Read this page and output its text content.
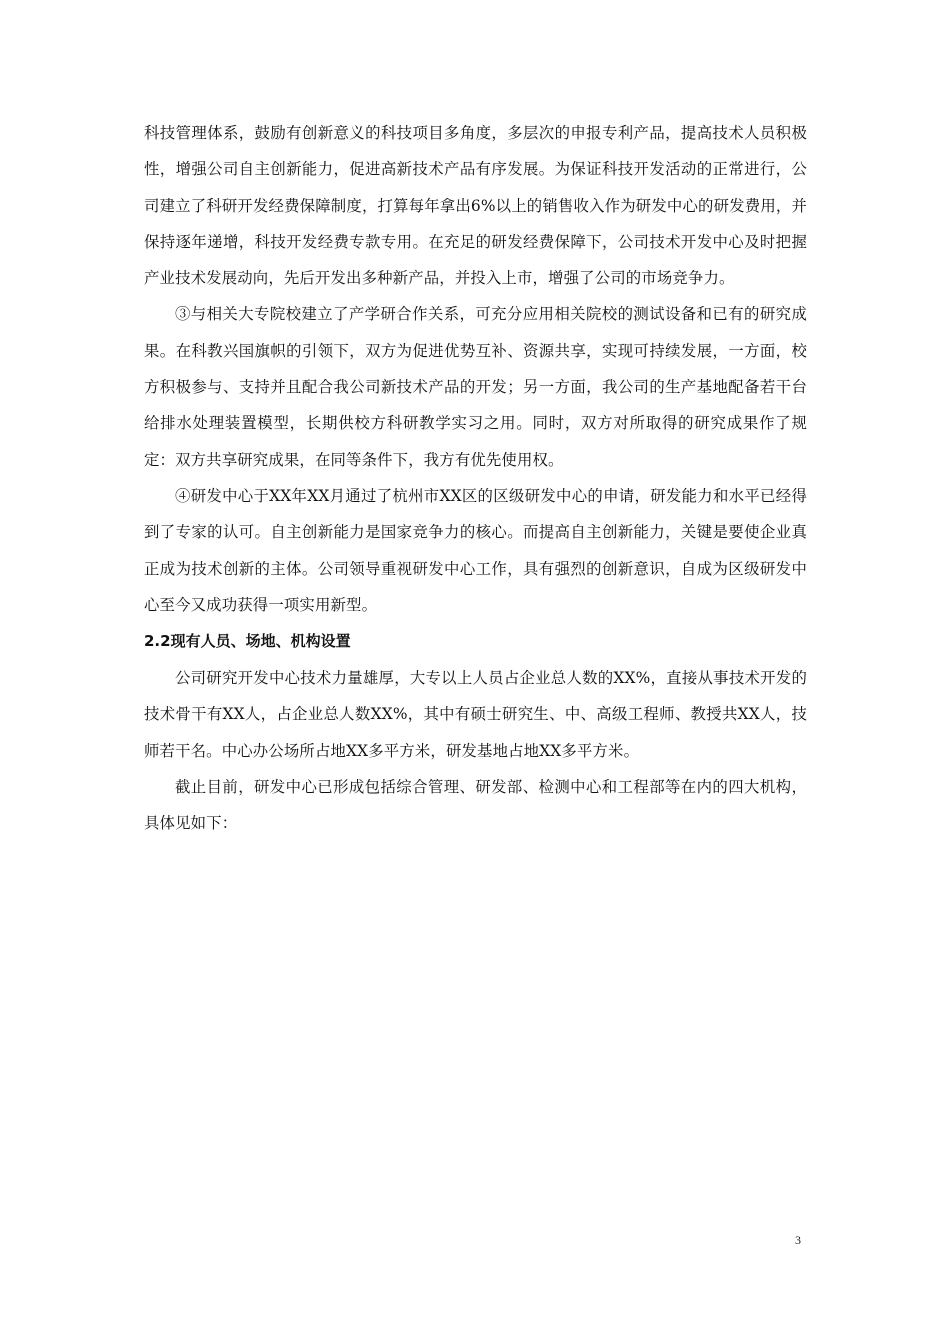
科技管理体系，鼓励有创新意义的科技项目多角度，多层次的申报专利产品，提高技术人员积极性，增强公司自主创新能力，促进高新技术产品有序发展。为保证科技开发活动的正常进行，公司建立了科研开发经费保障制度，打算每年拿出6%以上的销售收入作为研发中心的研发费用，并保持逐年递增，科技开发经费专款专用。在充足的研发经费保障下，公司技术开发中心及时把握产业技术发展动向，先后开发出多种新产品，并投入上市，增强了公司的市场竞争力。

③与相关大专院校建立了产学研合作关系，可充分应用相关院校的测试设备和已有的研究成果。在科教兴国旗帜的引领下，双方为促进优势互补、资源共享，实现可持续发展，一方面，校方积极参与、支持并且配合我公司新技术产品的开发；另一方面，我公司的生产基地配备若干台给排水处理装置模型，长期供校方科研教学实习之用。同时，双方对所取得的研究成果作了规定：双方共享研究成果，在同等条件下，我方有优先使用权。

④研发中心于XX年XX月通过了杭州市XX区的区级研发中心的申请，研发能力和水平已经得到了专家的认可。自主创新能力是国家竞争力的核心。而提高自主创新能力，关键是要使企业真正成为技术创新的主体。公司领导重视研发中心工作，具有强烈的创新意识，自成为区级研发中心至今又成功获得一项实用新型。

2.2现有人员、场地、机构设置

公司研究开发中心技术力量雄厚，大专以上人员占企业总人数的XX%，直接从事技术开发的技术骨干有XX人，占企业总人数XX%，其中有硕士研究生、中、高级工程师、教授共XX人，技师若干名。中心办公场所占地XX多平方米，研发基地占地XX多平方米。

截止目前，研发中心已形成包括综合管理、研发部、检测中心和工程部等在内的四大机构，具体见如下：

3
